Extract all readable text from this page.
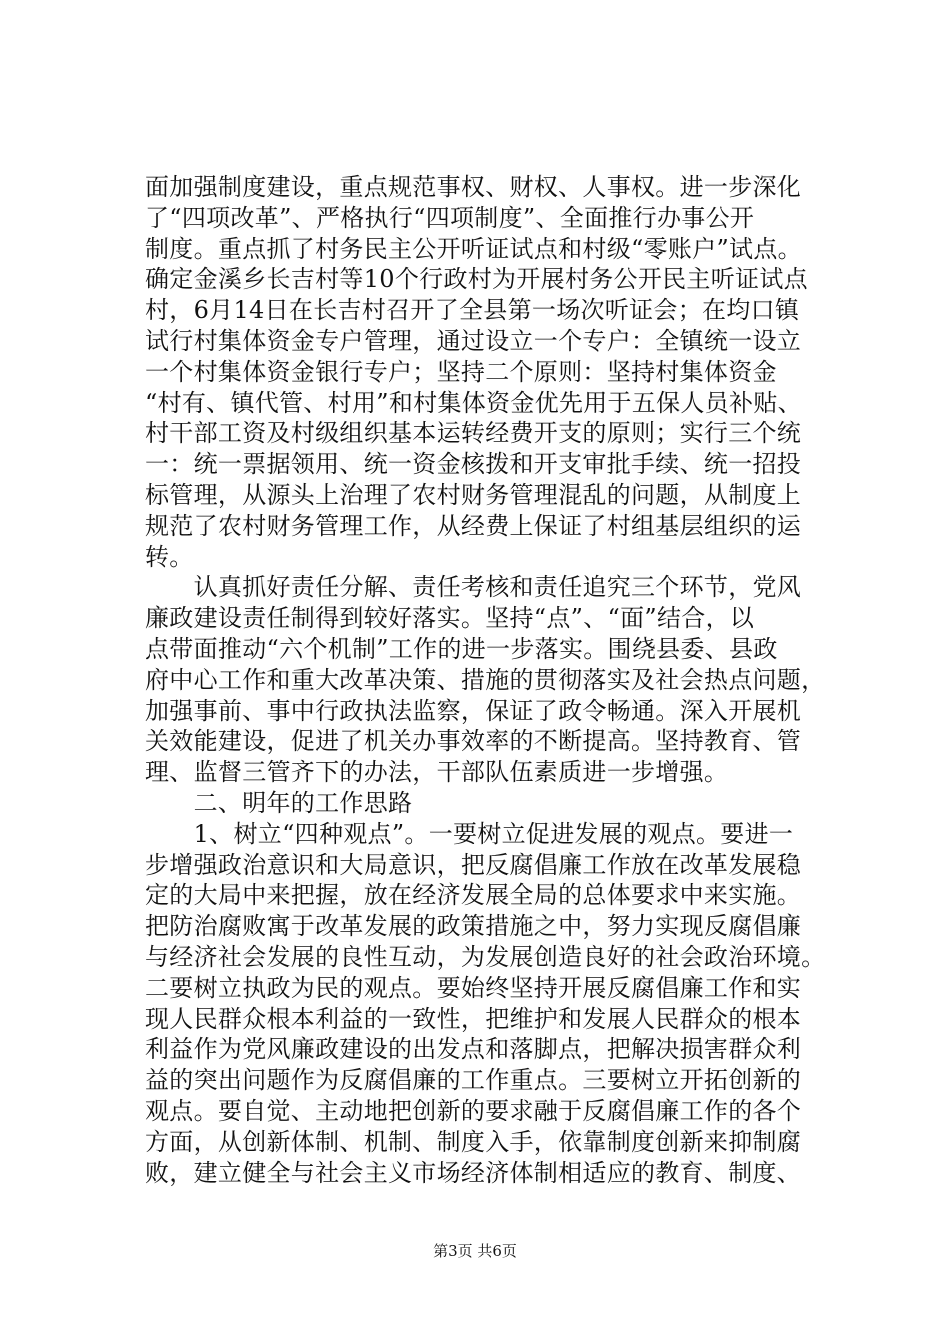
面加强制度建设，重点规范事权、财权、人事权。进一步深化
了“四项改革”、严格执行“四项制度”、全面推行办事公开
制度。重点抓了村务民主公开听证试点和村级“零账户”试点。
确定金溪乡长吉村等10个行政村为开展村务公开民主听证试点
村，6月14日在长吉村召开了全县第一场次听证会；在均口镇
试行村集体资金专户管理，通过设立一个专户：全镇统一设立
一个村集体资金银行专户；坚持二个原则：坚持村集体资金
“村有、镇代管、村用”和村集体资金优先用于五保人员补贴、
村干部工资及村级组织基本运转经费开支的原则；实行三个统
一：统一票据领用、统一资金核拨和开支审批手续、统一招投
标管理，从源头上治理了农村财务管理混乱的问题，从制度上
规范了农村财务管理工作，从经费上保证了村组基层组织的运
转。
　　认真抓好责任分解、责任考核和责任追究三个环节，党风
廉政建设责任制得到较好落实。坚持“点”、“面”结合，以
点带面推动“六个机制”工作的进一步落实。围绕县委、县政
府中心工作和重大改革决策、措施的贯彻落实及社会热点问题，
加强事前、事中行政执法监察，保证了政令畅通。深入开展机
关效能建设，促进了机关办事效率的不断提高。坚持教育、管
理、监督三管齐下的办法，干部队伍素质进一步增强。
　　二、明年的工作思路
　　1、树立“四种观点”。一要树立促进发展的观点。要进一
步增强政治意识和大局意识，把反腐倡廉工作放在改革发展稳
定的大局中来把握，放在经济发展全局的总体要求中来实施。
把防治腐败寓于改革发展的政策措施之中，努力实现反腐倡廉
与经济社会发展的良性互动，为发展创造良好的社会政治环境。
二要树立执政为民的观点。要始终坚持开展反腐倡廉工作和实
现人民群众根本利益的一致性，把维护和发展人民群众的根本
利益作为党风廉政建设的出发点和落脚点，把解决损害群众利
益的突出问题作为反腐倡廉的工作重点。三要树立开拓创新的
观点。要自觉、主动地把创新的要求融于反腐倡廉工作的各个
方面，从创新体制、机制、制度入手，依靠制度创新来抑制腐
败，建立健全与社会主义市场经济体制相适应的教育、制度、
第3页 共6页
